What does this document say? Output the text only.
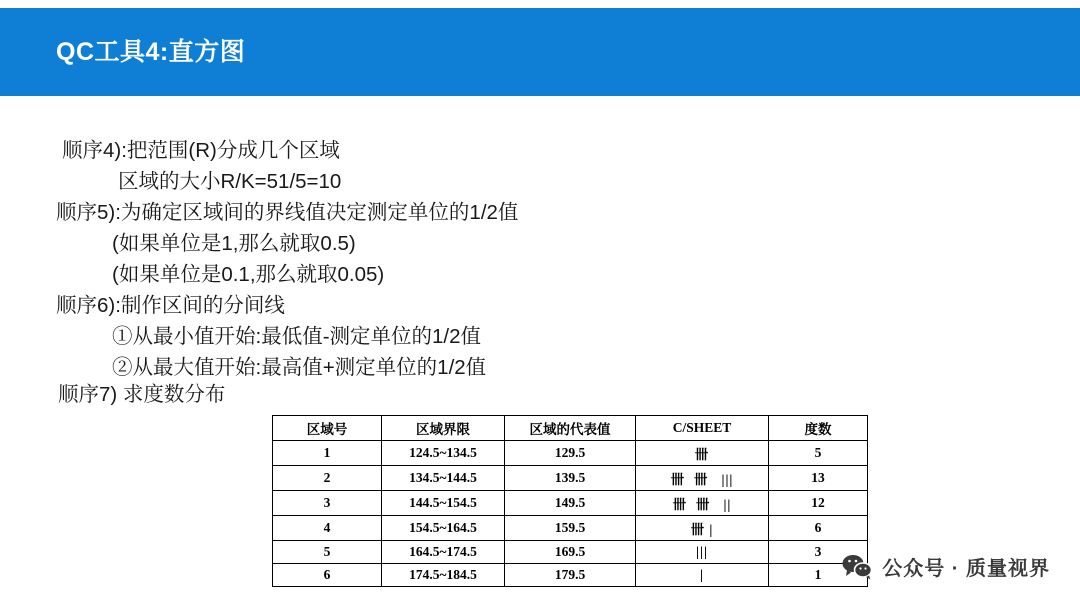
QC工具4:直方图
顺序4):把范围(R)分成几个区域
区域的大小R/K=51/5=10
顺序5):为确定区域间的界线值决定测定单位的1/2值
(如果单位是1,那么就取0.5)
(如果单位是0.1,那么就取0.05)
顺序6):制作区间的分间线
①从最小值开始:最低值-测定单位的1/2值
②从最大值开始:最高值+测定单位的1/2值
顺序7) 求度数分布
区域号	区域界限	区域的代表值	C/SHEET	度数
1	124.5~134.5	129.5	卌	5
2	134.5~144.5	139.5	卌  卌   |||	13
3	144.5~154.5	149.5	卌  卌   ||	12
4	154.5~164.5	159.5	卌 |	6
5	164.5~174.5	169.5	|||	3
6	174.5~184.5	179.5	|	1	公众号 · 质量视界
